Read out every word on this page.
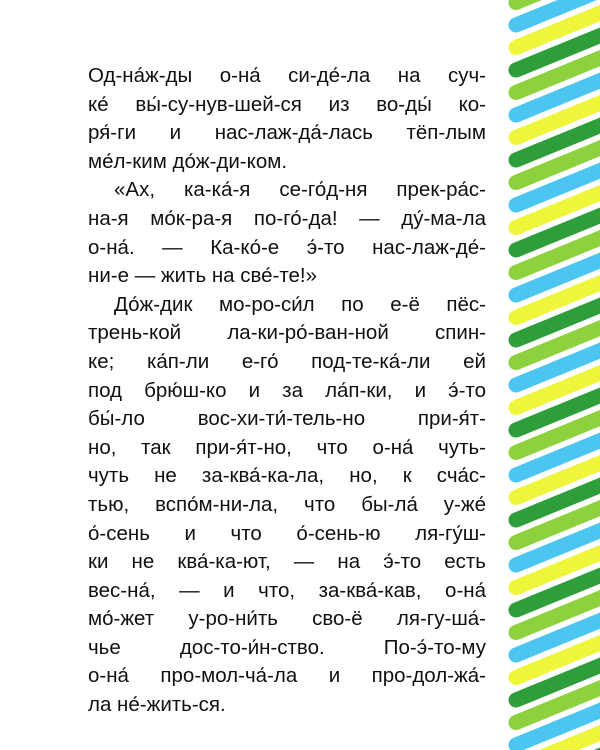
Од-на́ж-ды о-на́ си-де́-ла на суч-

ке́ вы́-су-нув-шей-ся из во-ды́ ко-

ря́-ги и нас-лаж-да́-лась тёп-лым

ме́л-ким до́ж-ди-ком.

«Ах, ка-ка́-я се-го́д-ня прек-ра́с-

на-я мо́к-ра-я по-го́-да! — ду́-ма-ла

о-на́. — Ка-ко́-е э́-то нас-лаж-де́-

ни-е — жить на све́-те!»

До́ж-дик мо-ро-си́л по е-ё пёс-

трень-кой ла-ки-ро́-ван-ной спин-

ке; ка́п-ли е-го́ под-те-ка́-ли ей

под брю́ш-ко и за ла́п-ки, и э́-то

бы́-ло вос-хи-ти́-тель-но при-я́т-

но, так при-я́т-но, что о-на́ чуть-

чуть не за-ква́-ка-ла, но, к сча́с-

тью, вспо́м-ни-ла, что бы-ла́ у-же́

о́-сень и что о́-сень-ю ля-гу́ш-

ки не ква́-ка-ют, — на э́-то есть

вес-на́, — и что, за-ква́-кав, о-на́

мо́-жет у-ро-ни́ть сво-ё ля-гу-ша́-

чье дос-то-и́н-ство. По-э́-то-му

о-на́ про-мол-ча́-ла и про-дол-жа́-

ла не́-жить-ся.
